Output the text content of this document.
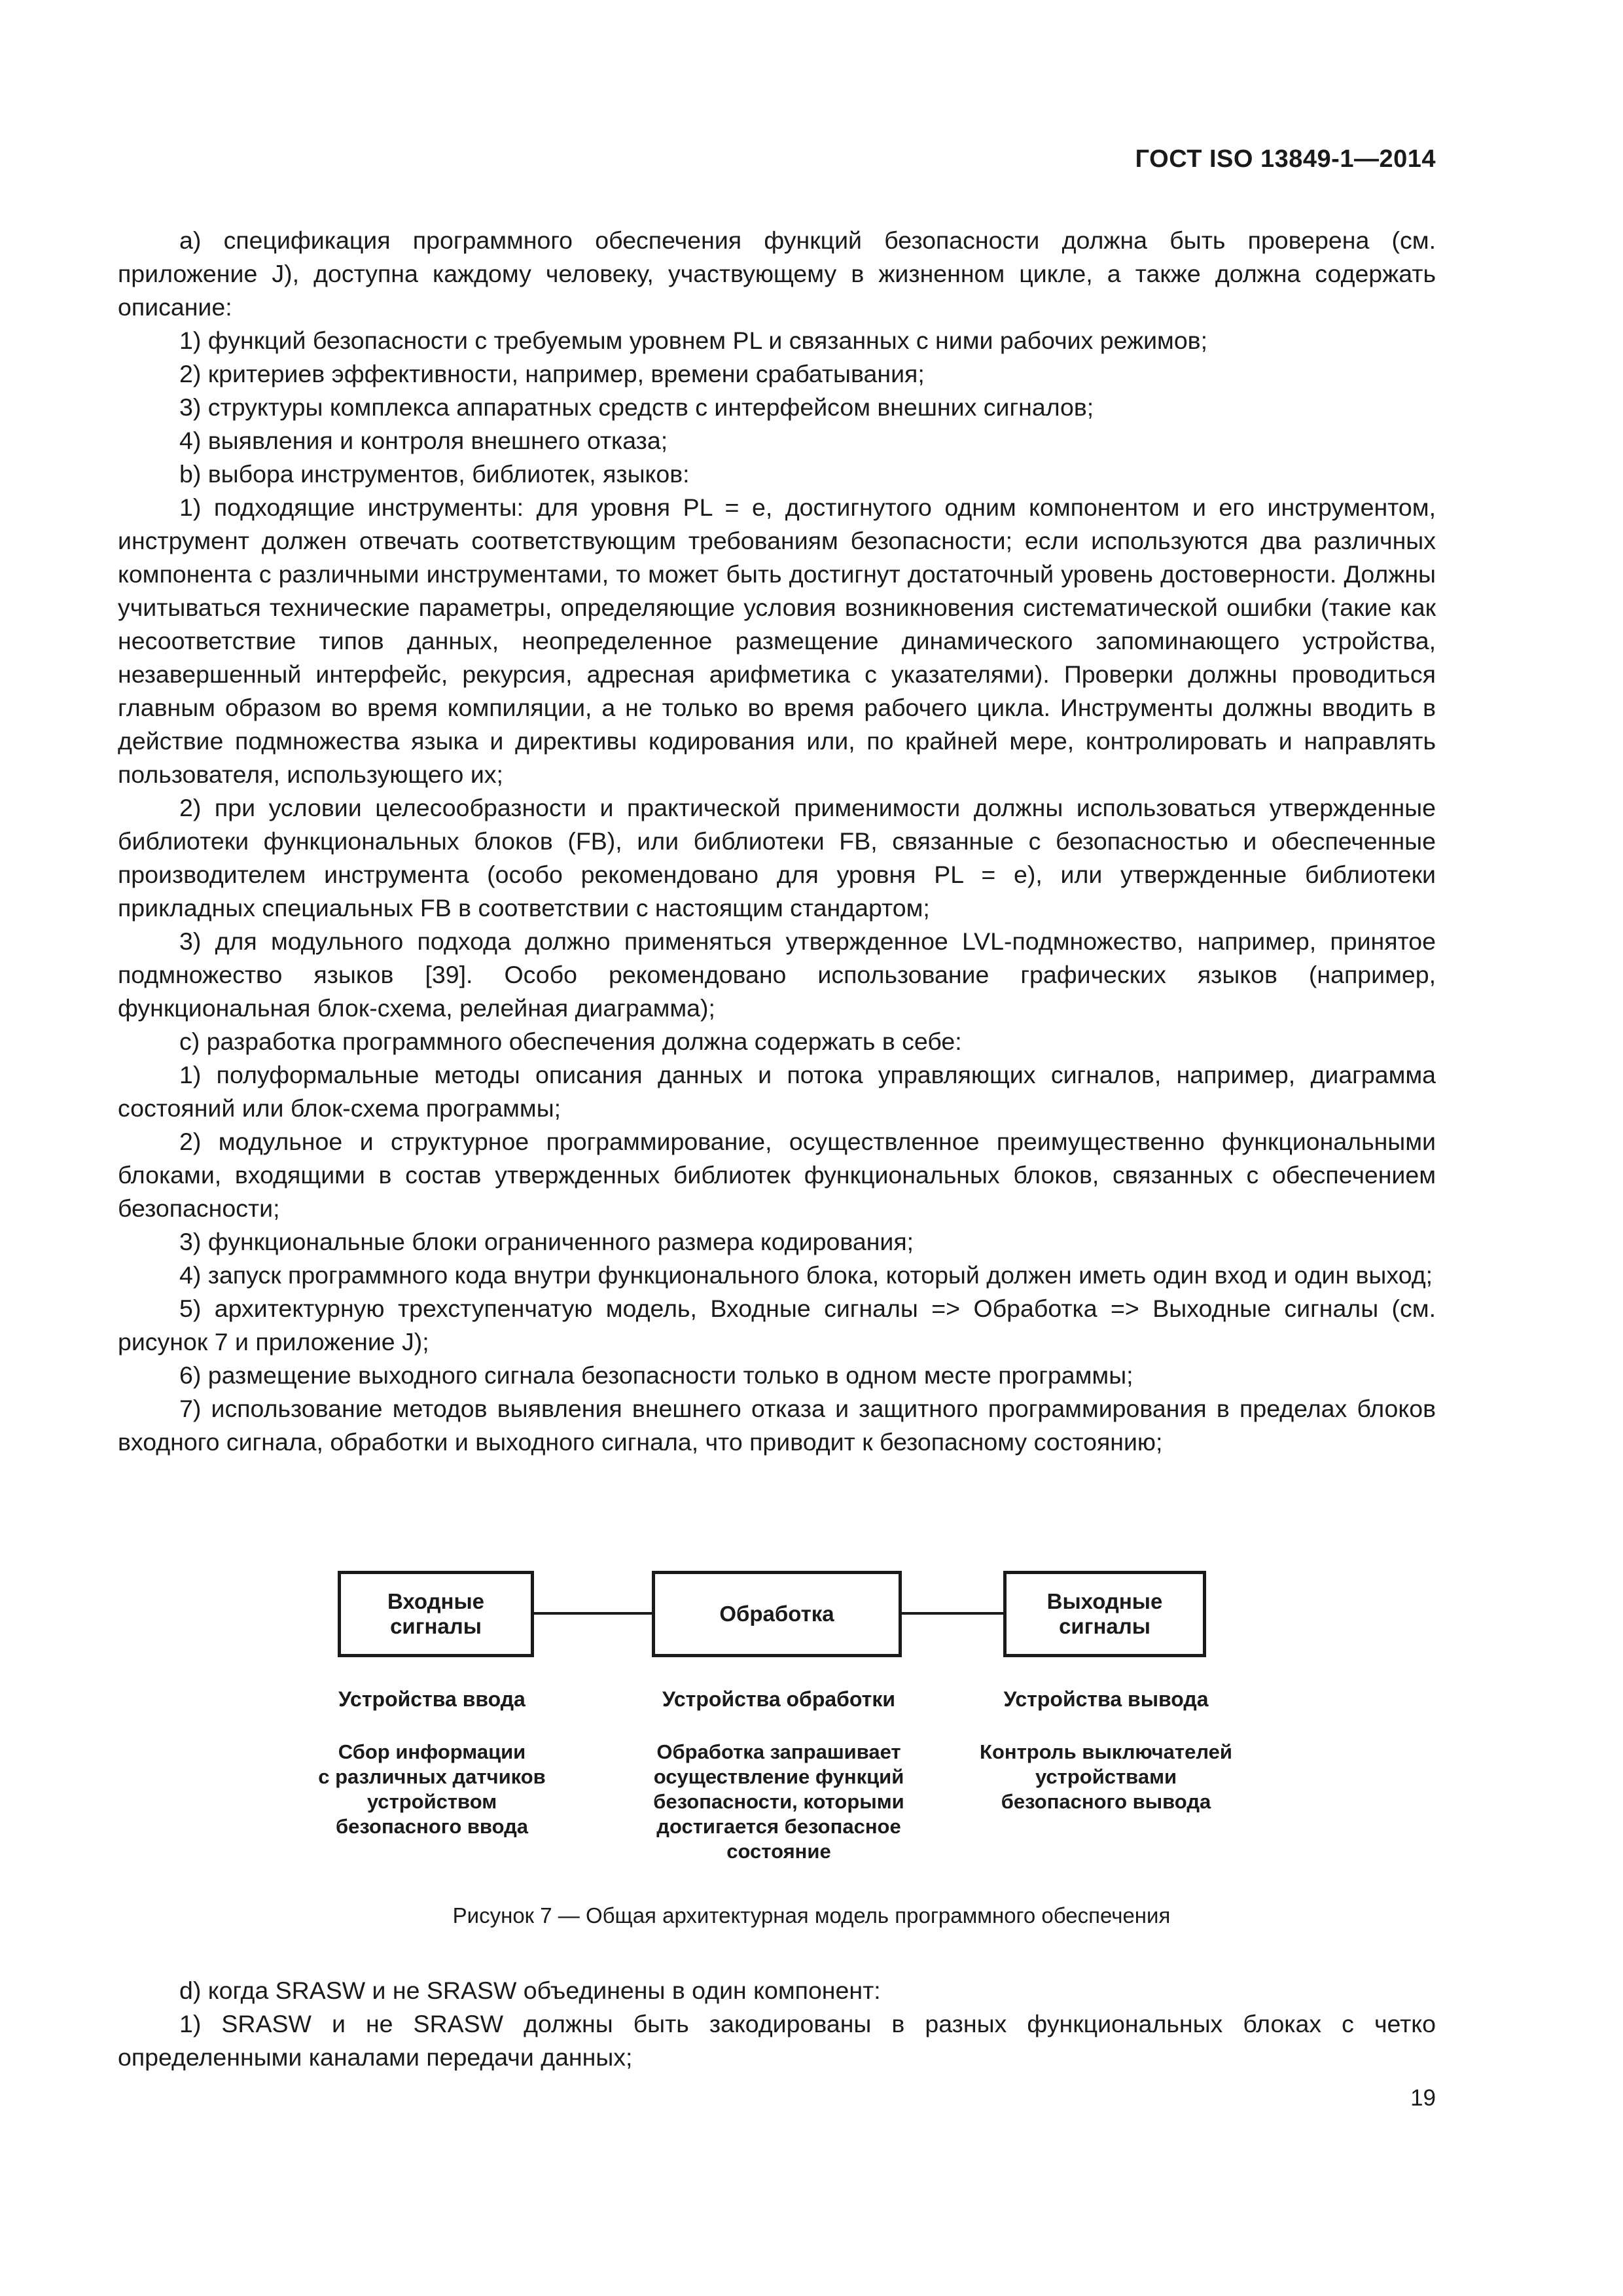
ГОСТ ISO 13849-1—2014

а) спецификация программного обеспечения функций безопасности должна быть проверена (см. приложение J), доступна каждому человеку, участвующему в жизненном цикле, а также должна содержать описание:

1) функций безопасности с требуемым уровнем PL и связанных с ними рабочих режимов;

2) критериев эффективности, например, времени срабатывания;

3) структуры комплекса аппаратных средств с интерфейсом внешних сигналов;

4) выявления и контроля внешнего отказа;

b) выбора инструментов, библиотек, языков:

1) подходящие инструменты: для уровня PL = e, достигнутого одним компонентом и его инструментом, инструмент должен отвечать соответствующим требованиям безопасности; если используются два различных компонента с различными инструментами, то может быть достигнут достаточный уровень достоверности. Должны учитываться технические параметры, определяющие условия возникновения систематической ошибки (такие как несоответствие типов данных, неопределенное размещение динамического запоминающего устройства, незавершенный интерфейс, рекурсия, адресная арифметика с указателями). Проверки должны проводиться главным образом во время компиляции, а не только во время рабочего цикла. Инструменты должны вводить в действие подмножества языка и директивы кодирования или, по крайней мере, контролировать и направлять пользователя, использующего их;

2) при условии целесообразности и практической применимости должны использоваться утвержденные библиотеки функциональных блоков (FB), или библиотеки FB, связанные с безопасностью и обеспеченные производителем инструмента (особо рекомендовано для уровня PL = e), или утвержденные библиотеки прикладных специальных FB в соответствии с настоящим стандартом;

3) для модульного подхода должно применяться утвержденное LVL-подмножество, например, принятое подмножество языков [39]. Особо рекомендовано использование графических языков (например, функциональная блок-схема, релейная диаграмма);

с) разработка программного обеспечения должна содержать в себе:

1) полуформальные методы описания данных и потока управляющих сигналов, например, диаграмма состояний или блок-схема программы;

2) модульное и структурное программирование, осуществленное преимущественно функциональными блоками, входящими в состав утвержденных библиотек функциональных блоков, связанных с обеспечением безопасности;

3) функциональные блоки ограниченного размера кодирования;

4) запуск программного кода внутри функционального блока, который должен иметь один вход и один выход;

5) архитектурную трехступенчатую модель, Входные сигналы => Обработка => Выходные сигналы (см. рисунок 7 и приложение J);

6) размещение выходного сигнала безопасности только в одном месте программы;

7) использование методов выявления внешнего отказа и защитного программирования в пределах блоков входного сигнала, обработки и выходного сигнала, что приводит к безопасному состоянию;

Входные
сигналы
Обработка
Выходные
сигналы
Устройства ввода	Устройства обработки	Устройства вывода
Сбор информации
с различных датчиков
устройством
безопасного ввода
Обработка запрашивает
осуществление функций
безопасности, которыми
достигается безопасное
состояние
Контроль выключателей
устройствами
безопасного вывода
Рисунок 7 — Общая архитектурная модель программного обеспечения

d) когда SRASW и не SRASW объединены в один компонент:

1) SRASW и не SRASW должны быть закодированы в разных функциональных блоках с четко определенными каналами передачи данных;

19
